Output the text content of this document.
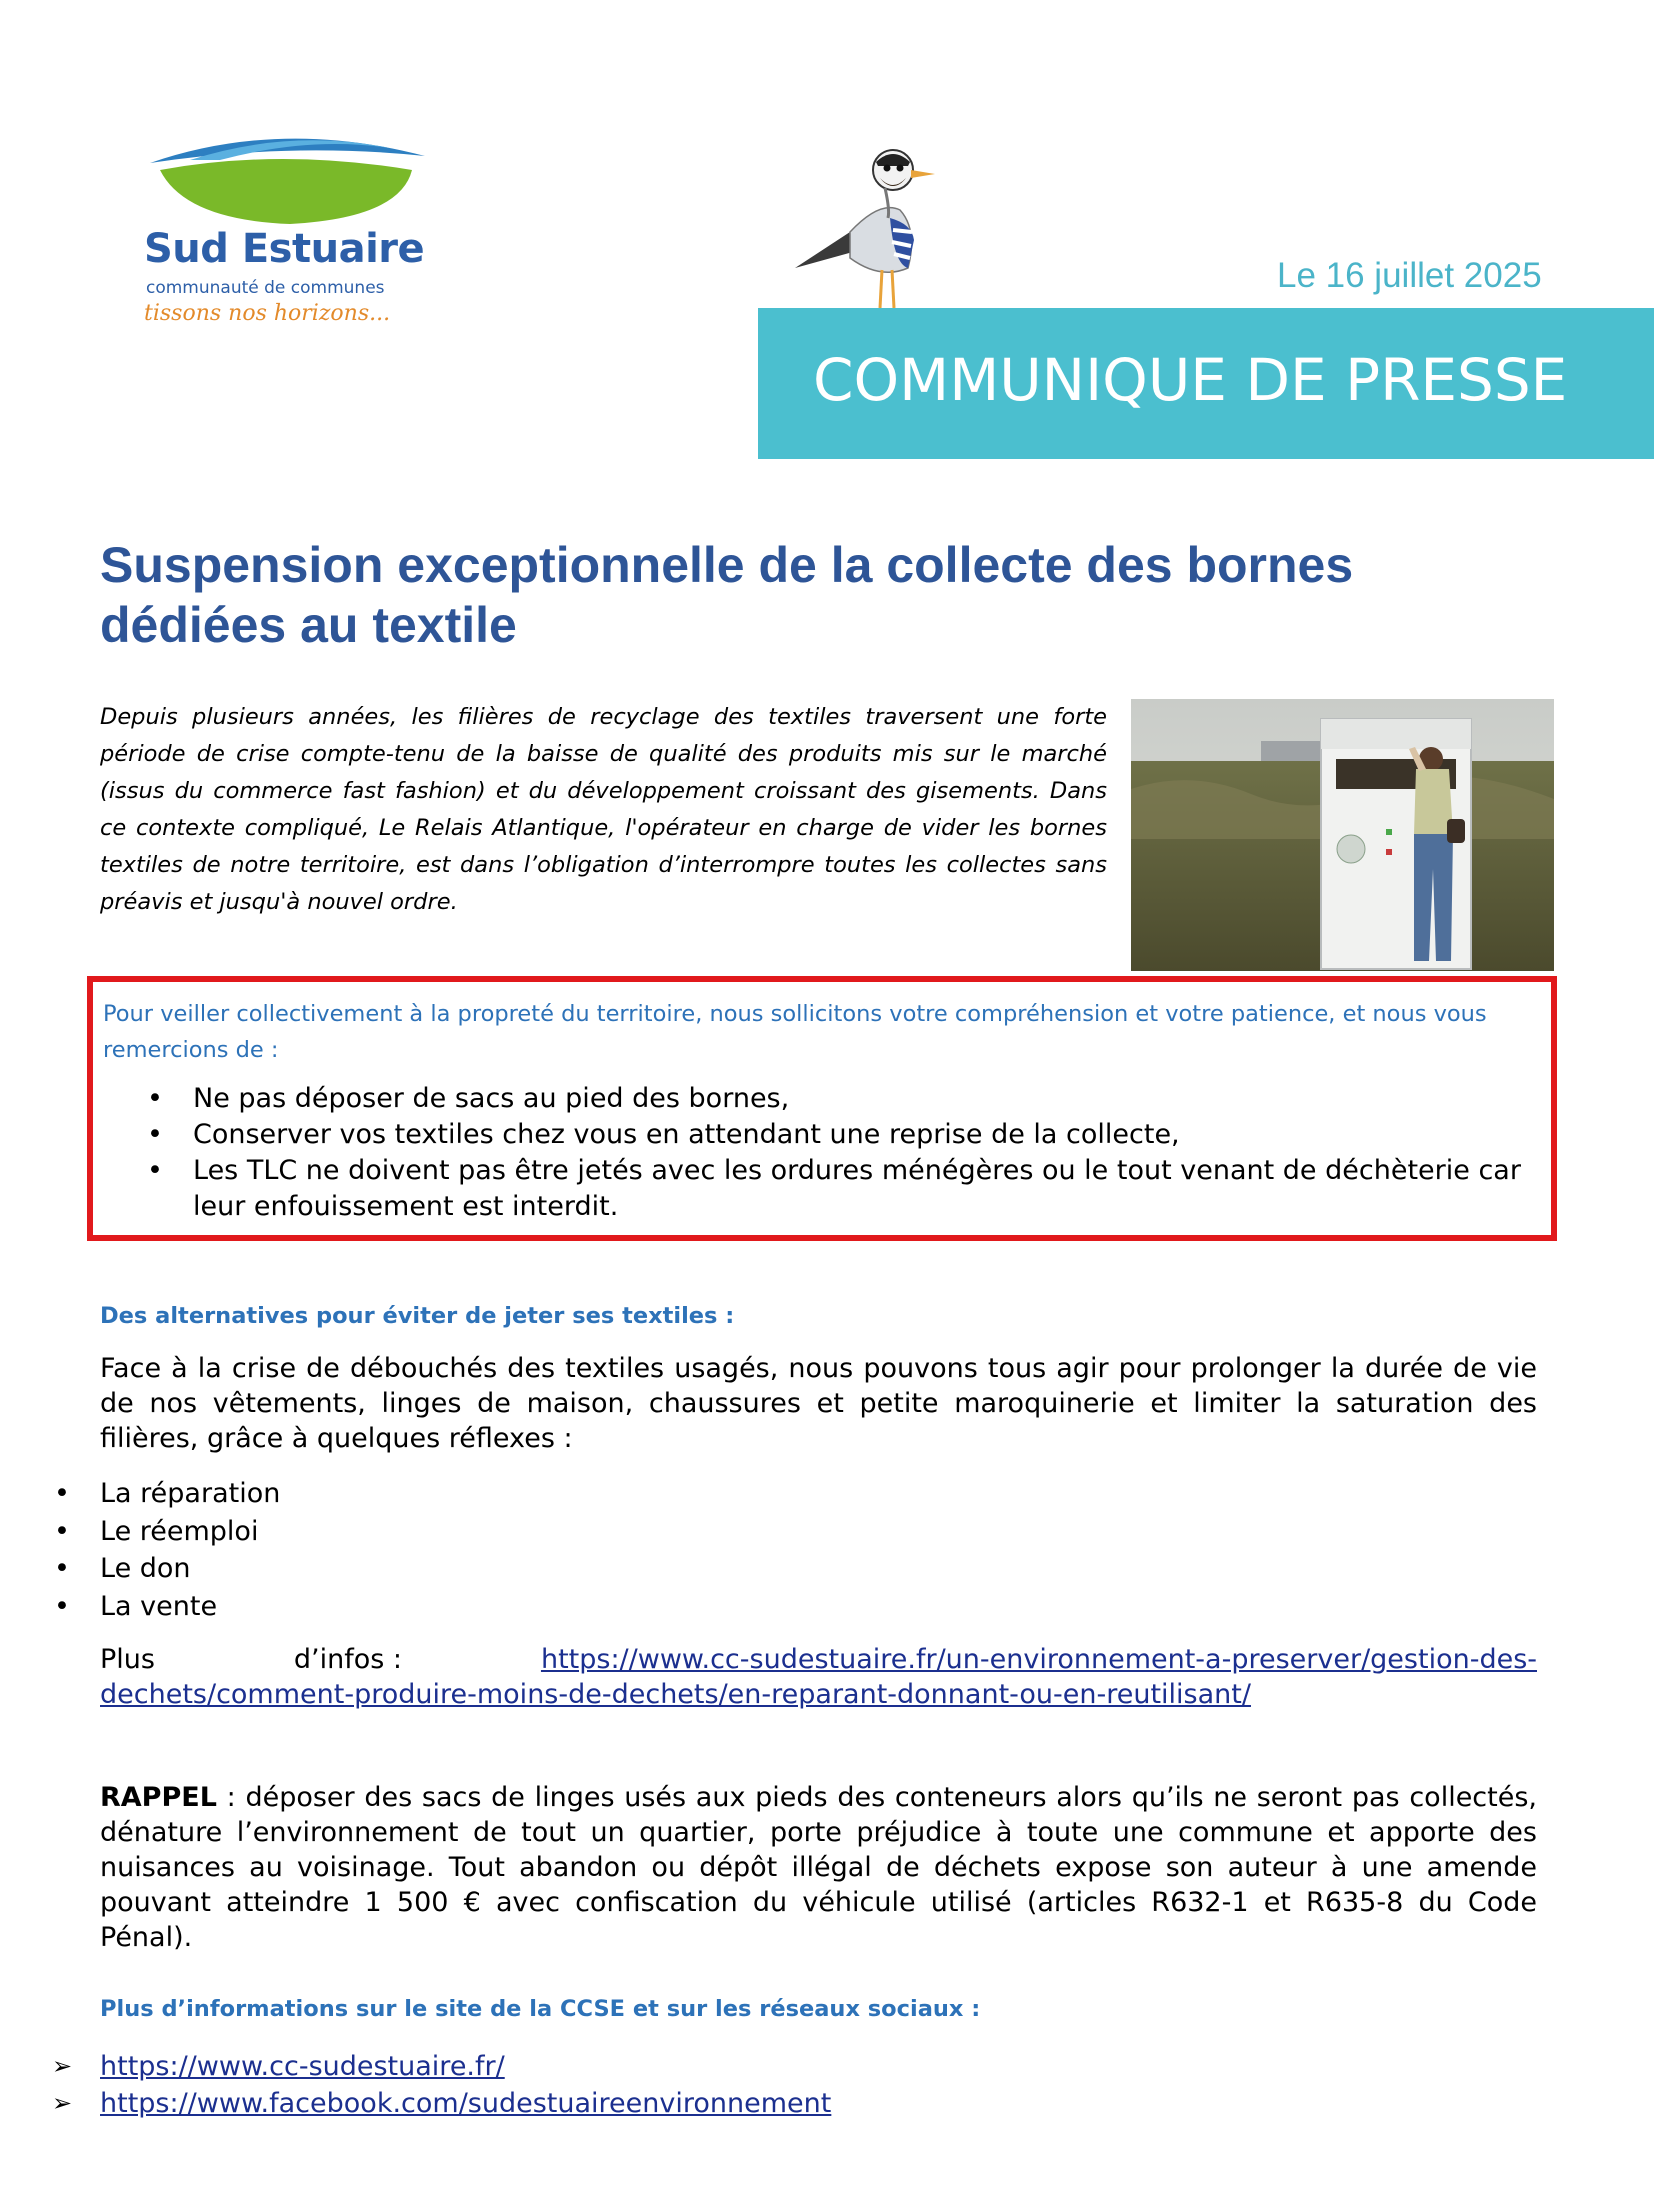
Sud Estuaire
communauté de communes
tissons nos horizons...
Le 16 juillet 2025
COMMUNIQUE DE PRESSE
Suspension exceptionnelle de la collecte des bornes dédiées au textile
Depuis plusieurs années, les filières de recyclage des textiles traversent une forte période de crise compte-tenu de la baisse de qualité des produits mis sur le marché (issus du commerce fast fashion) et du développement croissant des gisements. Dans ce contexte compliqué, Le Relais Atlantique, l'opérateur en charge de vider les bornes textiles de notre territoire, est dans l’obligation d’interrompre toutes les collectes sans préavis et jusqu'à nouvel ordre.
Pour veiller collectivement à la propreté du territoire, nous sollicitons votre compréhension et votre patience, et nous vous remercions de :
• Ne pas déposer de sacs au pied des bornes,
• Conserver vos textiles chez vous en attendant une reprise de la collecte,
• Les TLC ne doivent pas être jetés avec les ordures ménégères ou le tout venant de déchèterie car leur enfouissement est interdit.
Des alternatives pour éviter de jeter ses textiles :
Face à la crise de débouchés des textiles usagés, nous pouvons tous agir pour prolonger la durée de vie de nos vêtements, linges de maison, chaussures et petite maroquinerie et limiter la saturation des filières, grâce à quelques réflexes :
• La réparation
• Le réemploi
• Le don
• La vente
Plus	d’infos :	https://www.cc-sudestuaire.fr/un-environnement-a-preserver/gestion-des-
dechets/comment-produire-moins-de-dechets/en-reparant-donnant-ou-en-reutilisant/
RAPPEL : déposer des sacs de linges usés aux pieds des conteneurs alors qu’ils ne seront pas collectés, dénature l’environnement de tout un quartier, porte préjudice à toute une commune et apporte des nuisances au voisinage. Tout abandon ou dépôt illégal de déchets expose son auteur à une amende pouvant atteindre 1 500 € avec confiscation du véhicule utilisé (articles R632-1 et R635-8 du Code Pénal).
Plus d’informations sur le site de la CCSE et sur les réseaux sociaux :
➢ https://www.cc-sudestuaire.fr/
➢ https://www.facebook.com/sudestuaireenvironnement
